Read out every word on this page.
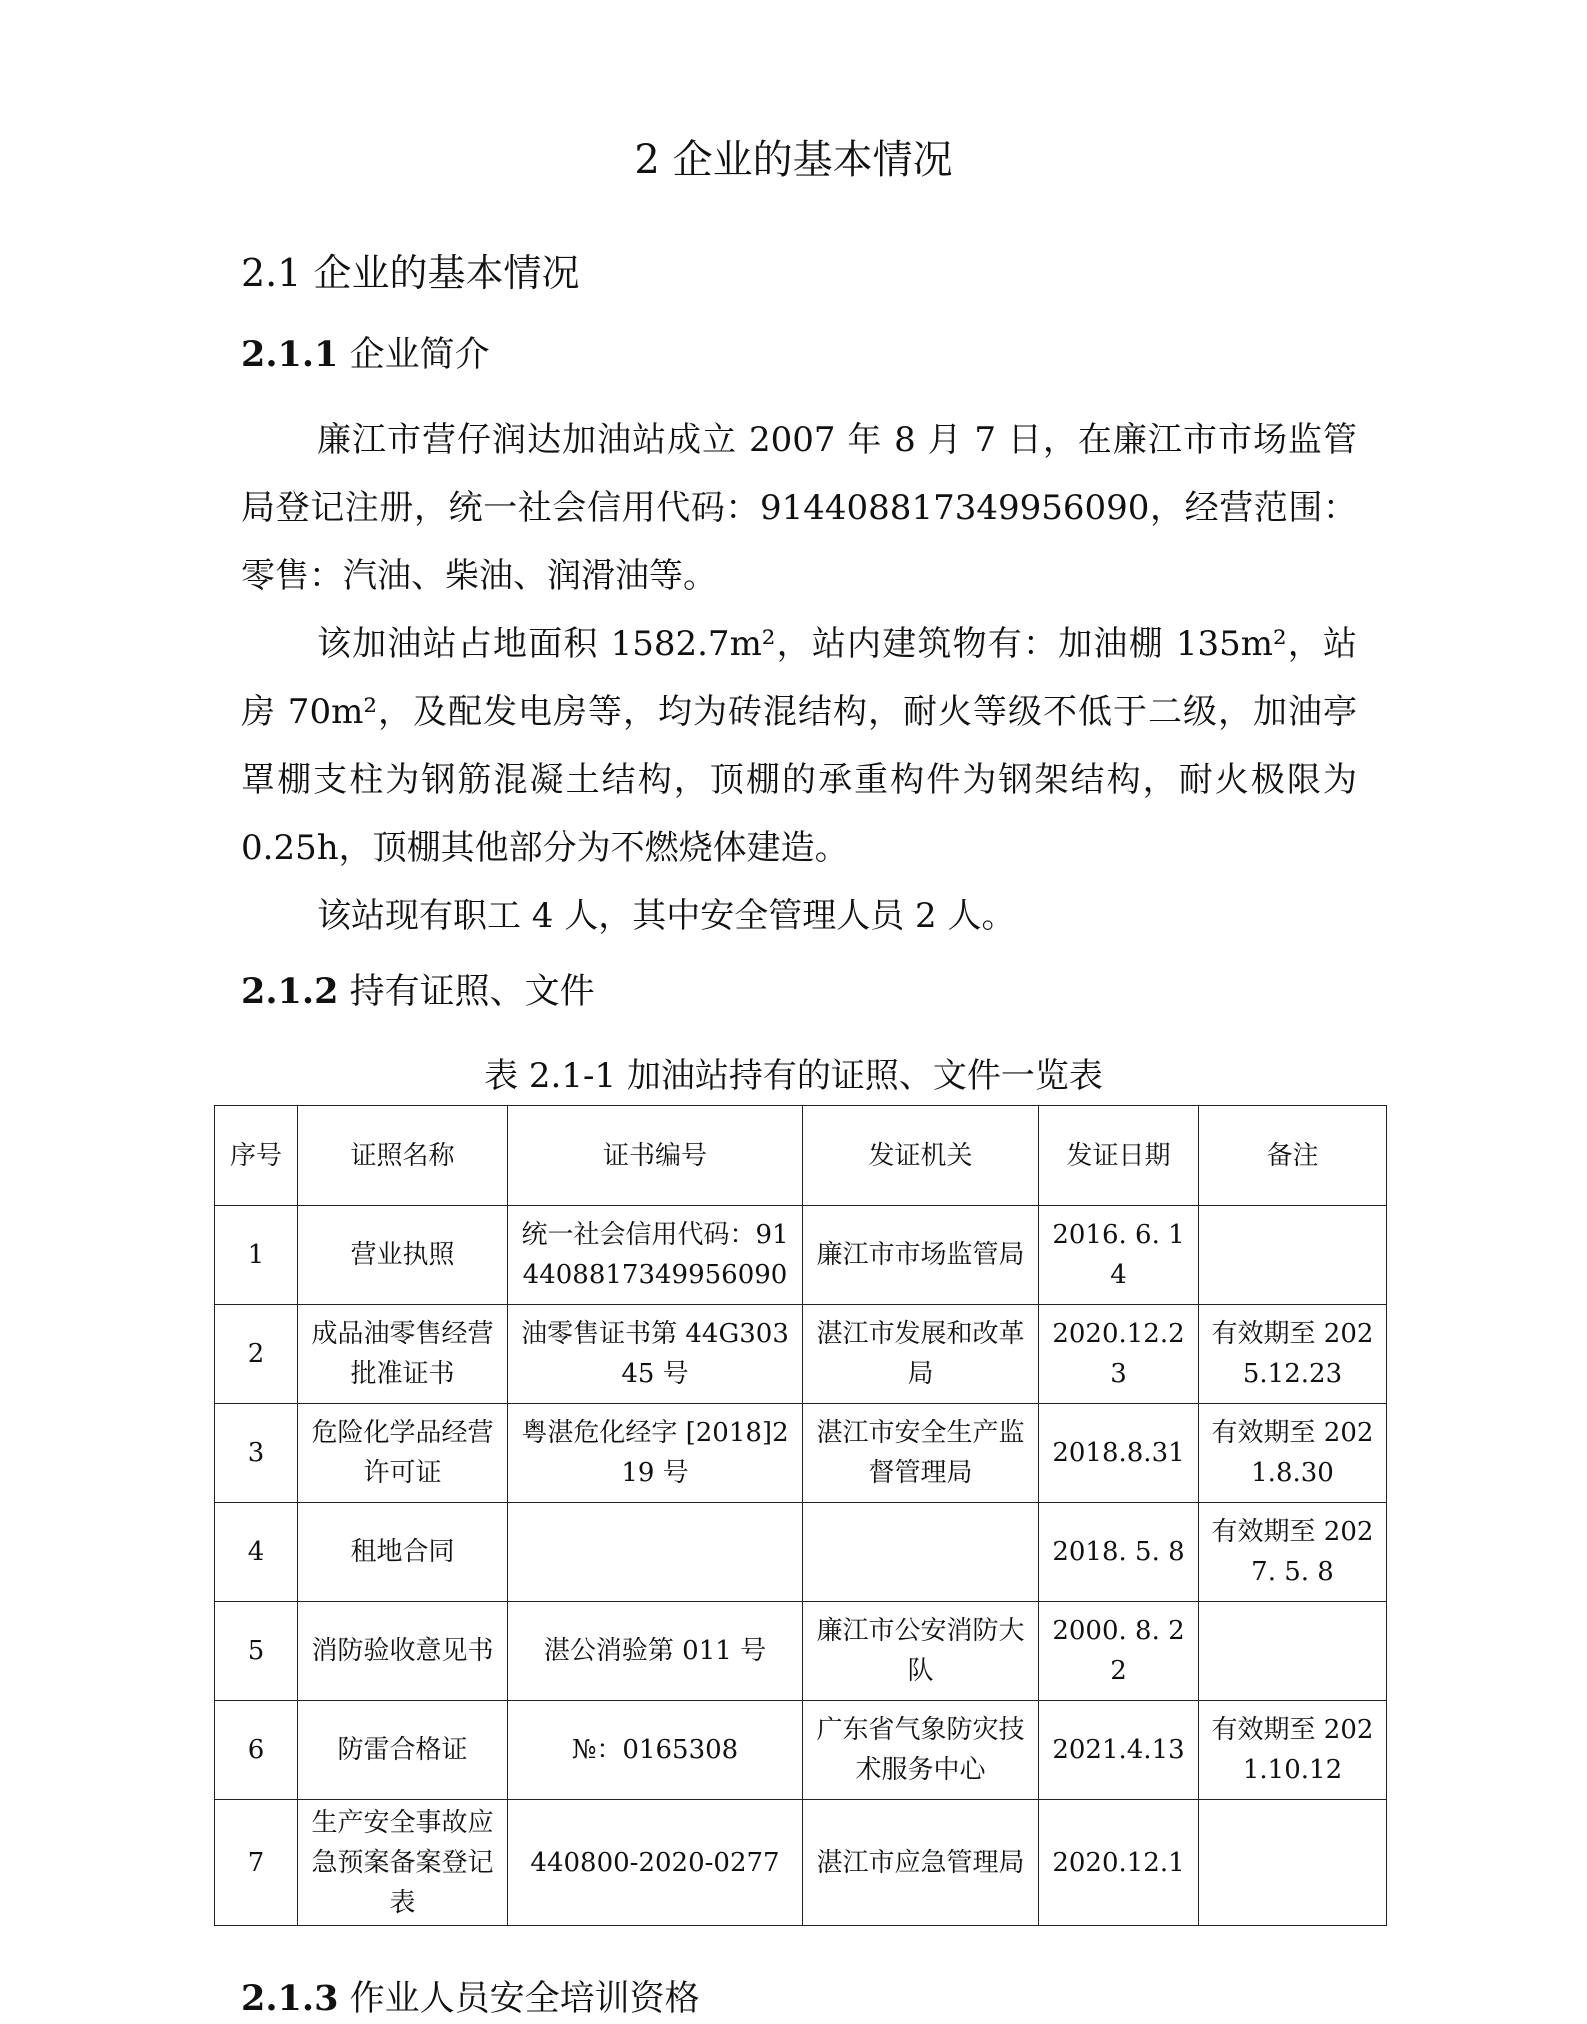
2 企业的基本情况
2.1 企业的基本情况
2.1.1 企业简介

廉江市营仔润达加油站成立 2007 年 8 月 7 日，在廉江市市场监管局登记注册，统一社会信用代码：914408817349956090，经营范围：零售：汽油、柴油、润滑油等。

该加油站占地面积 1582.7m²，站内建筑物有：加油棚 135m²，站房 70m²，及配发电房等，均为砖混结构，耐火等级不低于二级，加油亭罩棚支柱为钢筋混凝土结构，顶棚的承重构件为钢架结构，耐火极限为 0.25h，顶棚其他部分为不燃烧体建造。

该站现有职工 4 人，其中安全管理人员 2 人。

2.1.2 持有证照、文件

表 2.1-1 加油站持有的证照、文件一览表

序号	证照名称	证书编号	发证机关	发证日期	备注
1	营业执照	统一社会信用代码：914408817349956090	廉江市市场监管局	2016. 6. 14	
2	成品油零售经营批准证书	油零售证书第 44G30345 号	湛江市发展和改革局	2020.12.23	有效期至 2025.12.23
3	危险化学品经营许可证	粤湛危化经字 [2018]219 号	湛江市安全生产监督管理局	2018.8.31	有效期至 2021.8.30
4	租地合同			2018. 5. 8	有效期至 2027. 5. 8
5	消防验收意见书	湛公消验第 011 号	廉江市公安消防大队	2000. 8. 22	
6	防雷合格证	№：0165308	广东省气象防灾技术服务中心	2021.4.13	有效期至 2021.10.12
7	生产安全事故应急预案备案登记表	440800-2020-0277	湛江市应急管理局	2020.12.1	
2.1.3 作业人员安全培训资格
